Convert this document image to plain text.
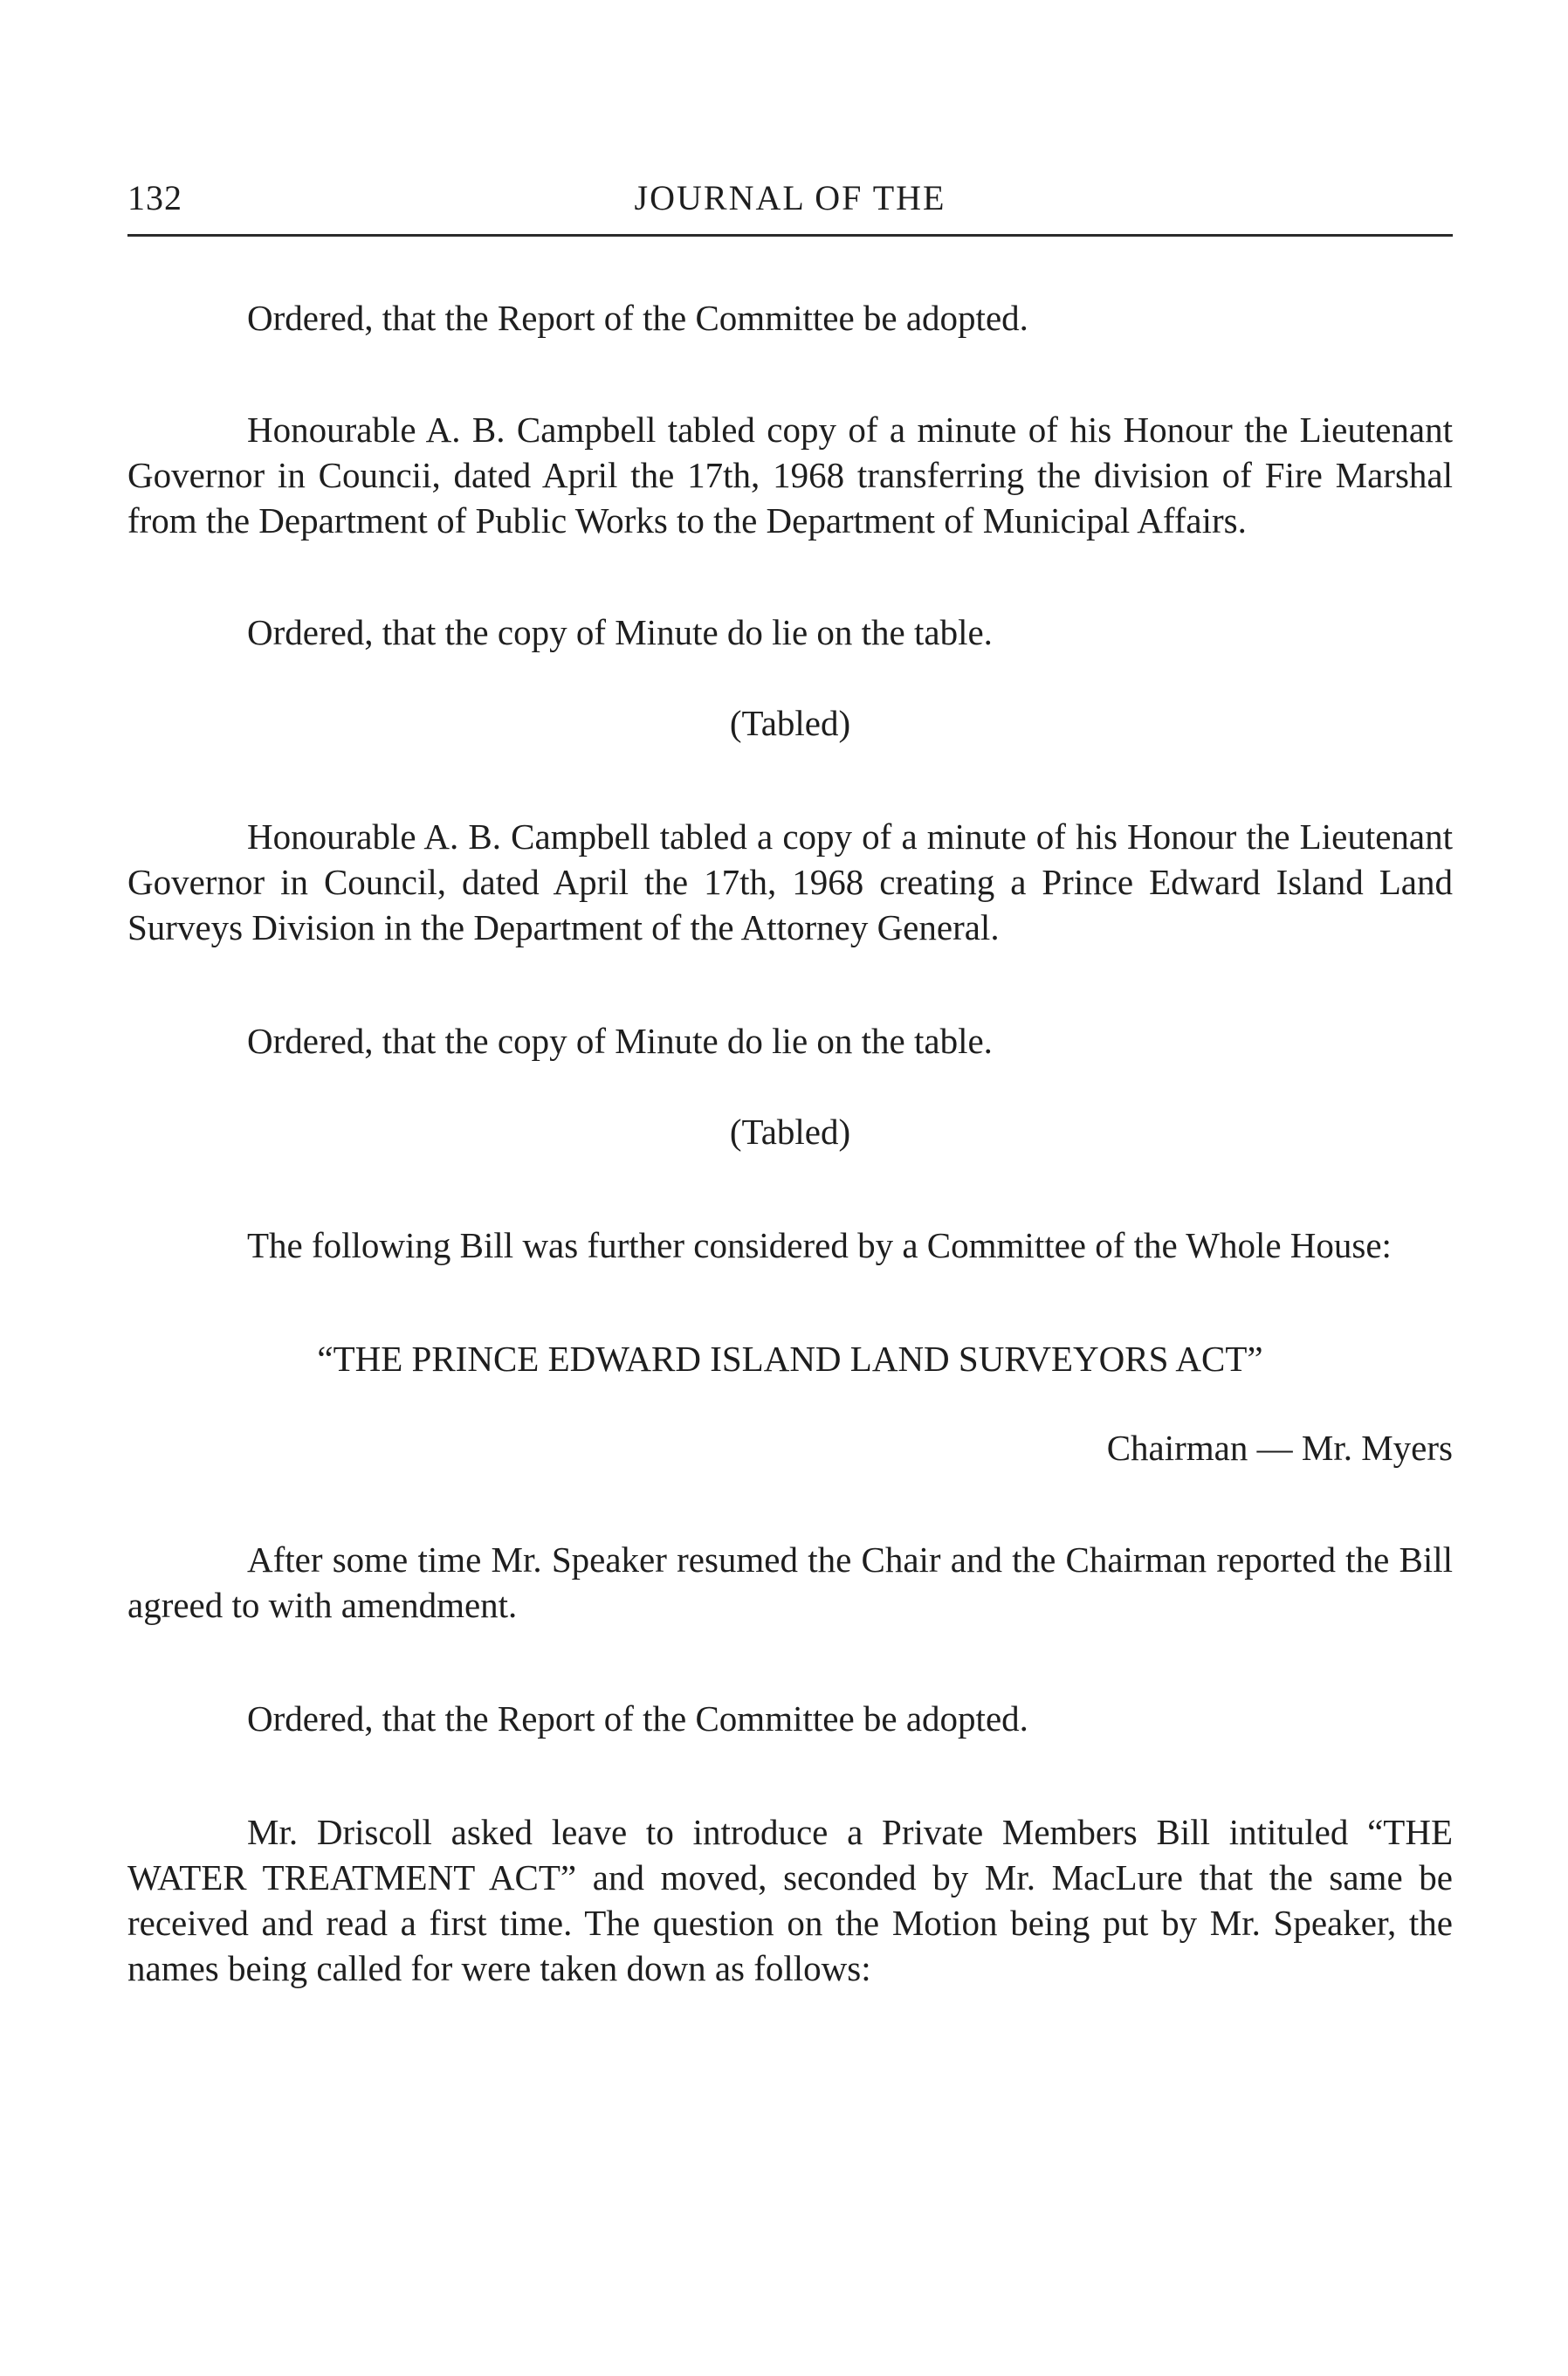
132	JOURNAL OF THE

Ordered, that the Report of the Committee be adopted.

Honourable A. B. Campbell tabled copy of a minute of his Honour the Lieutenant Governor in Councii, dated April the 17th, 1968 transferring the division of Fire Marshal from the Department of Public Works to the Department of Municipal Affairs.

Ordered, that the copy of Minute do lie on the table.

(Tabled)

Honourable A. B. Campbell tabled a copy of a minute of his Honour the Lieutenant Governor in Council, dated April the 17th, 1968 creating a Prince Edward Island Land Surveys Division in the Department of the Attorney General.

Ordered, that the copy of Minute do lie on the table.

(Tabled)

The following Bill was further considered by a Committee of the Whole House:

“THE PRINCE EDWARD ISLAND LAND SURVEYORS ACT”

Chairman — Mr. Myers

After some time Mr. Speaker resumed the Chair and the Chairman reported the Bill agreed to with amendment.

Ordered, that the Report of the Committee be adopted.

Mr. Driscoll asked leave to introduce a Private Members Bill intituled “THE WATER TREATMENT ACT” and moved, seconded by Mr. MacLure that the same be received and read a first time. The question on the Motion being put by Mr. Speaker, the names being called for were taken down as follows:
